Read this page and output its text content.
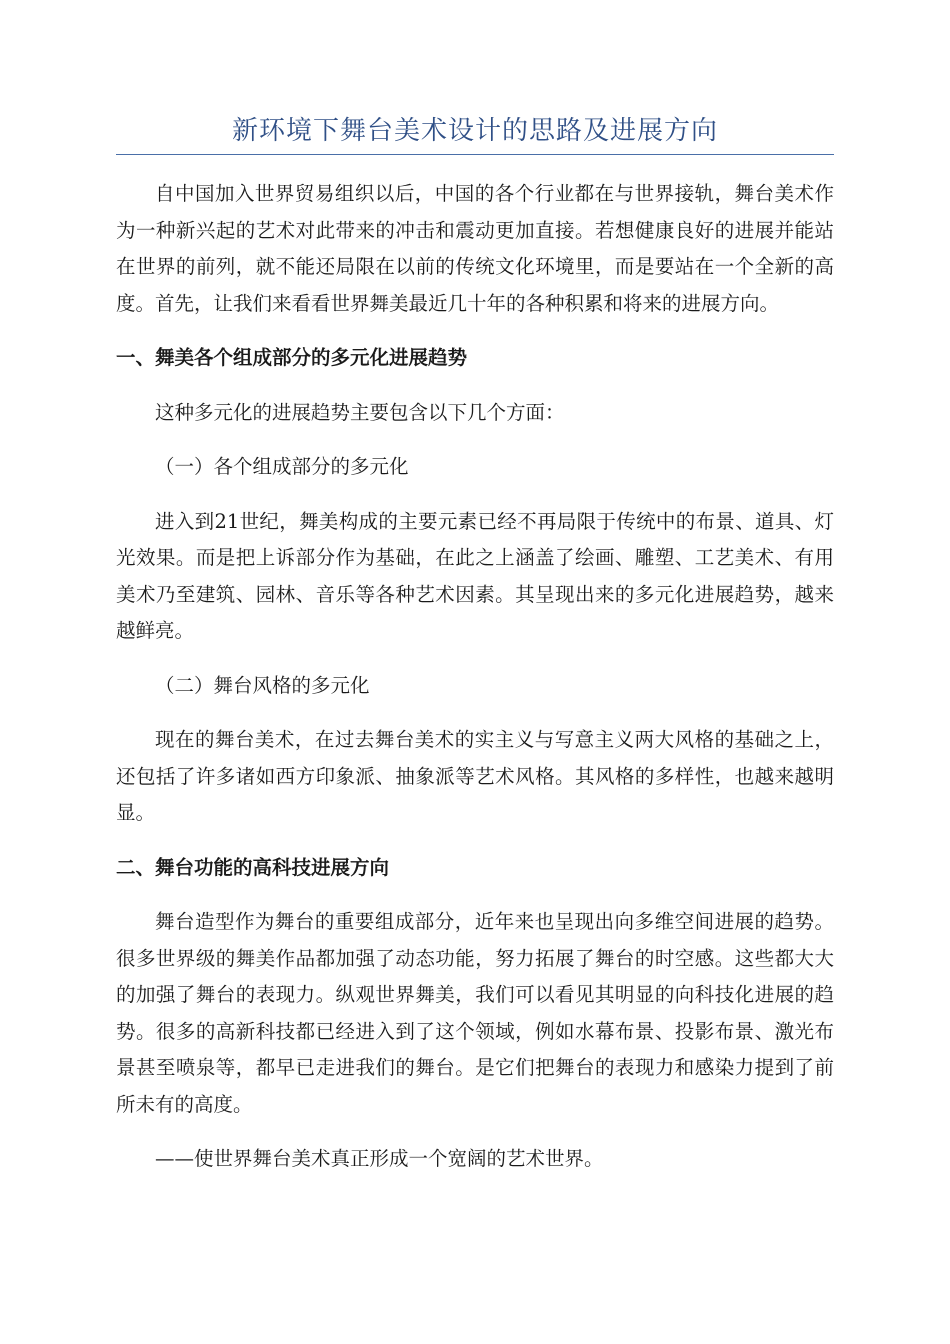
新环境下舞台美术设计的思路及进展方向

自中国加入世界贸易组织以后，中国的各个行业都在与世界接轨，舞台美术作为一种新兴起的艺术对此带来的冲击和震动更加直接。若想健康良好的进展并能站在世界的前列，就不能还局限在以前的传统文化环境里，而是要站在一个全新的高度。首先，让我们来看看世界舞美最近几十年的各种积累和将来的进展方向。

一、舞美各个组成部分的多元化进展趋势

这种多元化的进展趋势主要包含以下几个方面：

（一）各个组成部分的多元化

进入到21世纪，舞美构成的主要元素已经不再局限于传统中的布景、道具、灯光效果。而是把上诉部分作为基础，在此之上涵盖了绘画、雕塑、工艺美术、有用美术乃至建筑、园林、音乐等各种艺术因素。其呈现出来的多元化进展趋势，越来越鲜亮。

（二）舞台风格的多元化

现在的舞台美术，在过去舞台美术的实主义与写意主义两大风格的基础之上，还包括了许多诸如西方印象派、抽象派等艺术风格。其风格的多样性，也越来越明显。

二、舞台功能的高科技进展方向

舞台造型作为舞台的重要组成部分，近年来也呈现出向多维空间进展的趋势。很多世界级的舞美作品都加强了动态功能，努力拓展了舞台的时空感。这些都大大的加强了舞台的表现力。纵观世界舞美，我们可以看见其明显的向科技化进展的趋势。很多的高新科技都已经进入到了这个领域，例如水幕布景、投影布景、激光布景甚至喷泉等，都早已走进我们的舞台。是它们把舞台的表现力和感染力提到了前所未有的高度。

——使世界舞台美术真正形成一个宽阔的艺术世界。
